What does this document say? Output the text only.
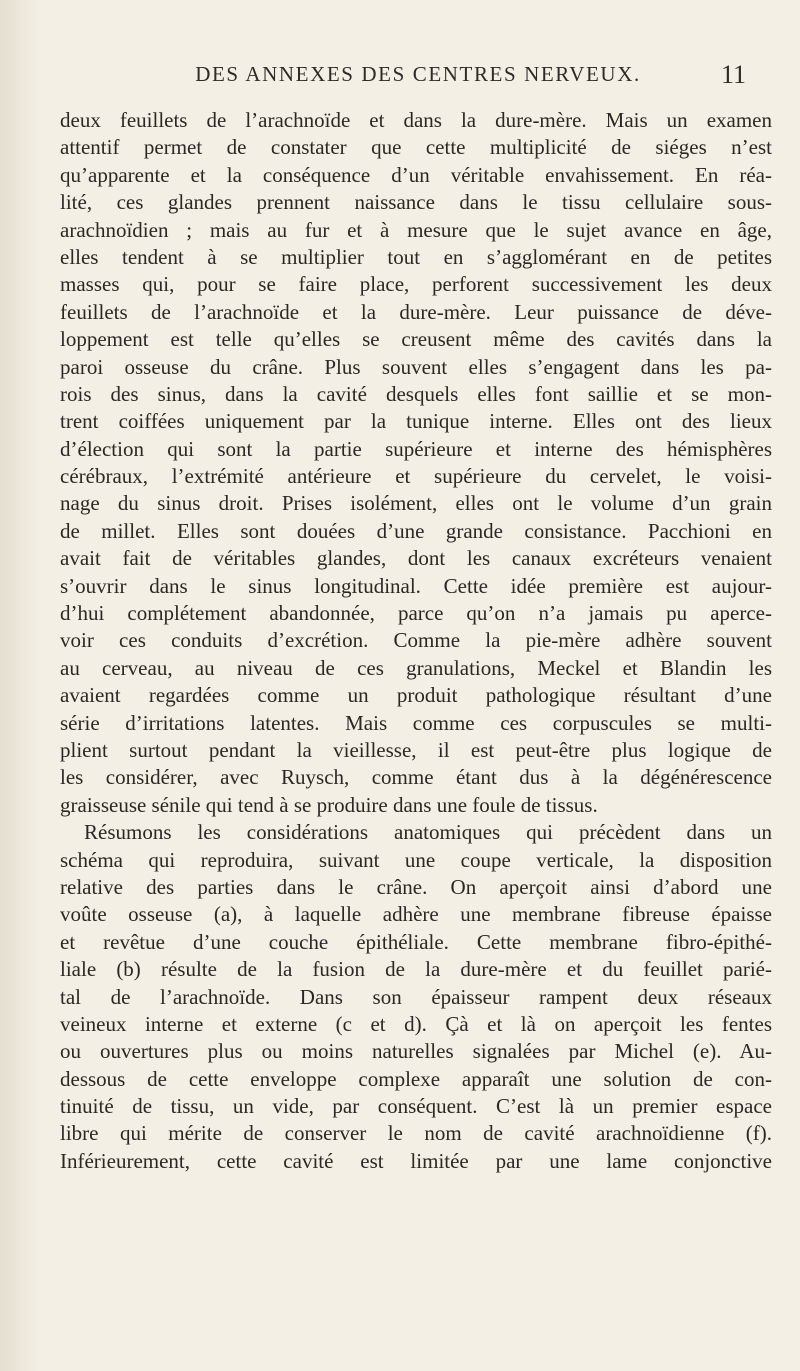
DES ANNEXES DES CENTRES NERVEUX.	11
deux feuillets de l’arachnoïde et dans la dure-mère. Mais un examen
attentif permet de constater que cette multiplicité de siéges n’est
qu’apparente et la conséquence d’un véritable envahissement. En réa-
lité, ces glandes prennent naissance dans le tissu cellulaire sous-
arachnoïdien ; mais au fur et à mesure que le sujet avance en âge,
elles tendent à se multiplier tout en s’agglomérant en de petites
masses qui, pour se faire place, perforent successivement les deux
feuillets de l’arachnoïde et la dure-mère. Leur puissance de déve-
loppement est telle qu’elles se creusent même des cavités dans la
paroi osseuse du crâne. Plus souvent elles s’engagent dans les pa-
rois des sinus, dans la cavité desquels elles font saillie et se mon-
trent coiffées uniquement par la tunique interne. Elles ont des lieux
d’élection qui sont la partie supérieure et interne des hémisphères
cérébraux, l’extrémité antérieure et supérieure du cervelet, le voisi-
nage du sinus droit. Prises isolément, elles ont le volume d’un grain
de millet. Elles sont douées d’une grande consistance. Pacchioni en
avait fait de véritables glandes, dont les canaux excréteurs venaient
s’ouvrir dans le sinus longitudinal. Cette idée première est aujour-
d’hui complétement abandonnée, parce qu’on n’a jamais pu aperce-
voir ces conduits d’excrétion. Comme la pie-mère adhère souvent
au cerveau, au niveau de ces granulations, Meckel et Blandin les
avaient regardées comme un produit pathologique résultant d’une
série d’irritations latentes. Mais comme ces corpuscules se multi-
plient surtout pendant la vieillesse, il est peut-être plus logique de
les considérer, avec Ruysch, comme étant dus à la dégénérescence
graisseuse sénile qui tend à se produire dans une foule de tissus.
Résumons les considérations anatomiques qui précèdent dans un
schéma qui reproduira, suivant une coupe verticale, la disposition
relative des parties dans le crâne. On aperçoit ainsi d’abord une
voûte osseuse (a), à laquelle adhère une membrane fibreuse épaisse
et revêtue d’une couche épithéliale. Cette membrane fibro-épithé-
liale (b) résulte de la fusion de la dure-mère et du feuillet parié-
tal de l’arachnoïde. Dans son épaisseur rampent deux réseaux
veineux interne et externe (c et d). Çà et là on aperçoit les fentes
ou ouvertures plus ou moins naturelles signalées par Michel (e). Au-
dessous de cette enveloppe complexe apparaît une solution de con-
tinuité de tissu, un vide, par conséquent. C’est là un premier espace
libre qui mérite de conserver le nom de cavité arachnoïdienne (f).
Inférieurement, cette cavité est limitée par une lame conjonctive
